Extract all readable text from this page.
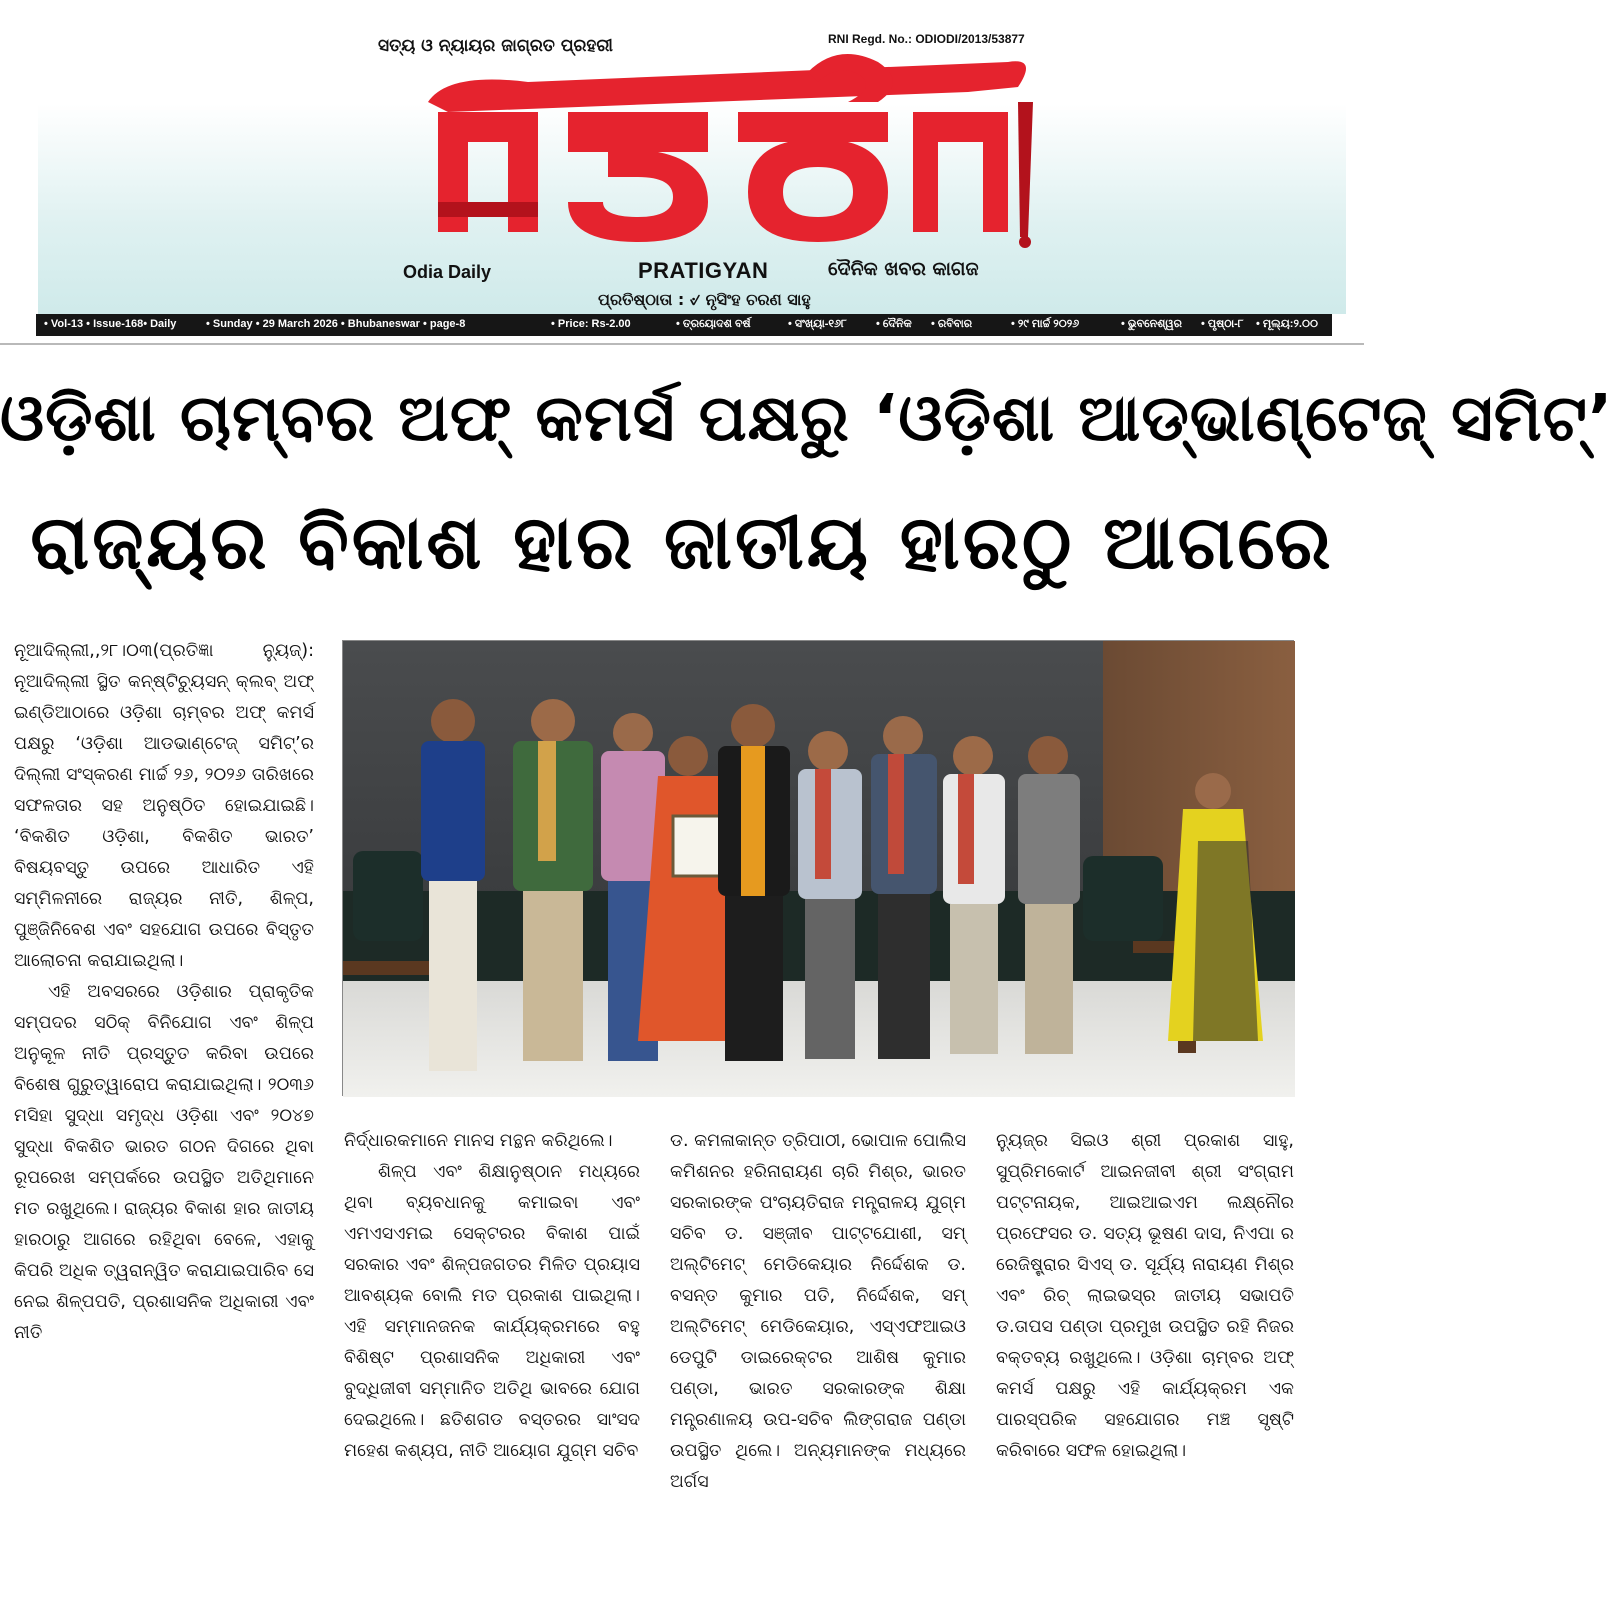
ସତ୍ୟ ଓ ନ୍ୟାୟର ଜାଗ୍ରତ ପ୍ରହରୀ	RNI Regd. No.: ODIODI/2013/53877
Odia Daily	PRATIGYAN	ଦୈନିକ ଖବର କାଗଜ
ପ୍ରତିଷ୍ଠାତା : ୰ ନୃସିଂହ ଚରଣ ସାହୁ
• Vol-13 • Issue-168• Daily	• Sunday • 29 March 2026 • Bhubaneswar • page-8	• Price: Rs-2.00	• ତ୍ରୟୋଦଶ ବର୍ଷ	• ସଂଖ୍ୟା-୧୬୮	• ଦୈନିକ • ରବିବାର	• ୨୯ ମାର୍ଚ୍ଚ ୨୦୨୬	• ଭୁବନେଶ୍ୱର • ପୃଷ୍ଠା-୮ • ମୂଲ୍ୟ:୨.୦୦
ଓଡ଼ିଶା ଚାମ୍ବର ଅଫ୍ କମର୍ସ ପକ୍ଷରୁ ‘ଓଡ଼ିଶା ଆଡ୍‌ଭାଣ୍ଟେଜ୍ ସମିଟ୍’
ରାଜ୍ୟର ବିକାଶ ହାର ଜାତୀୟ ହାରଠୁ ଆଗରେ

ନୂଆଦିଲ୍ଲୀ,,୨୮।୦୩(ପ୍ରତିଜ୍ଞା ନ୍ୟୁଜ୍): ନୂଆଦିଲ୍ଲୀ ସ୍ଥିତ କନ୍‌ଷ୍ଟିଚ୍ୟୁସନ୍ କ୍ଲବ୍ ଅଫ୍ ଇଣ୍ଡିଆଠାରେ ଓଡ଼ିଶା ଚାମ୍ବର ଅଫ୍ କମର୍ସ ପକ୍ଷରୁ ‘ଓଡ଼ିଶା ଆଡଭାଣ୍ଟେଜ୍ ସମିଟ୍’ର ଦିଲ୍ଲୀ ସଂସ୍କରଣ ମାର୍ଚ୍ଚ ୨୬, ୨୦୨୬ ତାରିଖରେ ସଫଳତାର ସହ ଅନୁଷ୍ଠିତ ହୋଇଯାଇଛି। ‘ବିକଶିତ ଓଡ଼ିଶା, ବିକଶିତ ଭାରତ’ ବିଷୟବସ୍ତୁ ଉପରେ ଆଧାରିତ ଏହି ସମ୍ମିଳନୀରେ ରାଜ୍ୟର ନୀତି, ଶିଳ୍ପ, ପୁଞ୍ଜିନିବେଶ ଏବଂ ସହଯୋଗ ଉପରେ ବିସ୍ତୃତ ଆଲୋଚନା କରାଯାଇଥିଲା।

ଏହି ଅବସରରେ ଓଡ଼ିଶାର ପ୍ରାକୃତିକ ସମ୍ପଦର ସଠିକ୍ ବିନିଯୋଗ ଏବଂ ଶିଳ୍ପ ଅନୁକୂଳ ନୀତି ପ୍ରସ୍ତୁତ କରିବା ଉପରେ ବିଶେଷ ଗୁରୁତ୍ୱାରୋପ କରାଯାଇଥିଲା। ୨୦୩୬ ମସିହା ସୁଦ୍ଧା ସମୃଦ୍ଧ ଓଡ଼ିଶା ଏବଂ ୨୦୪୭ ସୁଦ୍ଧା ବିକଶିତ ଭାରତ ଗଠନ ଦିଗରେ ଥିବା ରୂପରେଖ ସମ୍ପର୍କରେ ଉପସ୍ଥିତ ଅତିଥିମାନେ ମତ ରଖୁଥିଲେ। ରାଜ୍ୟର ବିକାଶ ହାର ଜାତୀୟ ହାରଠାରୁ ଆଗରେ ରହିଥିବା ବେଳେ, ଏହାକୁ କିପରି ଅଧିକ ତ୍ୱରାନ୍ୱିତ କରାଯାଇପାରିବ ସେ ନେଇ ଶିଳ୍ପପତି, ପ୍ରଶାସନିକ ଅଧିକାରୀ ଏବଂ ନୀତି

ନିର୍ଦ୍ଧାରକମାନେ ମାନସ ମନ୍ଥନ କରିଥିଲେ।

ଶିଳ୍ପ ଏବଂ ଶିକ୍ଷାନୁଷ୍ଠାନ ମଧ୍ୟରେ ଥିବା ବ୍ୟବଧାନକୁ କମାଇବା ଏବଂ ଏମଏସଏମଇ ସେକ୍ଟରର ବିକାଶ ପାଇଁ ସରକାର ଏବଂ ଶିଳ୍ପଜଗତର ମିଳିତ ପ୍ରୟାସ ଆବଶ୍ୟକ ବୋଲି ମତ ପ୍ରକାଶ ପାଇଥିଲା। ଏହି ସମ୍ମାନଜନକ କାର୍ଯ୍ୟକ୍ରମରେ ବହୁ ବିଶିଷ୍ଟ ପ୍ରଶାସନିକ ଅଧିକାରୀ ଏବଂ ବୁଦ୍ଧିଜୀବୀ ସମ୍ମାନିତ ଅତିଥି ଭାବରେ ଯୋଗ ଦେଇଥିଲେ। ଛତିଶଗଡ ବସ୍ତରର ସାଂସଦ ମହେଶ କଶ୍ୟପ, ନୀତି ଆୟୋଗ ଯୁଗ୍ମ ସଚିବ

ଡ. କମଳାକାନ୍ତ ତ୍ରିପାଠୀ, ଭୋପାଳ ପୋଲିସ କମିଶନର ହରିନାରାୟଣ ଚାରି ମିଶ୍ର, ଭାରତ ସରକାରଙ୍କ ପଂଚାୟତିରାଜ ମନ୍ତ୍ରାଳୟ ଯୁଗ୍ମ ସଚିବ ଡ. ସଞ୍ଜୀବ ପାଟ୍ଟଯୋଶୀ, ସମ୍ ଅଲ୍ଟିମେଟ୍ ମେଡିକେୟାର ନିର୍ଦ୍ଦେଶକ ଡ. ବସନ୍ତ କୁମାର ପତି, ନିର୍ଦ୍ଦେଶକ, ସମ୍ ଅଲ୍ଟିମେଟ୍ ମେଡିକେୟାର, ଏସ୍‌ଏଫଆଇଓ ଡେପୁଟି ଡାଇରେକ୍ଟର ଆଶିଷ କୁମାର ପଣ୍ଡା, ଭାରତ ସରକାରଙ୍କ ଶିକ୍ଷା ମନ୍ତ୍ରଣାଳୟ ଉପ-ସଚିବ ଲିଙ୍ଗରାଜ ପଣ୍ଡା ଉପସ୍ଥିତ ଥିଲେ। ଅନ୍ୟମାନଙ୍କ ମଧ୍ୟରେ ଅର୍ଗସ

ନ୍ୟୁଜ୍‌ର ସିଇଓ ଶ୍ରୀ ପ୍ରକାଶ ସାହୁ, ସୁପ୍ରିମକୋର୍ଟ ଆଇନଜୀବୀ ଶ୍ରୀ ସଂଗ୍ରାମ ପଟ୍ଟନାୟକ, ଆଇଆଇଏମ ଲକ୍ଷ୍ନୌର ପ୍ରଫେସର ଡ. ସତ୍ୟ ଭୂଷଣ ଦାସ, ନିଏପା ର ରେଜିଷ୍ଟ୍ରାର ସିଏସ୍ ଡ. ସୂର୍ଯ୍ୟ ନାରାୟଣ ମିଶ୍ର ଏବଂ ରିଚ୍ ଲାଇଭସ୍‌ର ଜାତୀୟ ସଭାପତି ଡ.ତାପସ ପଣ୍ଡା ପ୍ରମୁଖ ଉପସ୍ଥିତ ରହି ନିଜର ବକ୍ତବ୍ୟ ରଖୁଥିଲେ। ଓଡ଼ିଶା ଚାମ୍ବର ଅଫ୍ କମର୍ସ ପକ୍ଷରୁ ଏହି କାର୍ଯ୍ୟକ୍ରମ ଏକ ପାରସ୍ପରିକ ସହଯୋଗର ମଞ୍ଚ ସୃଷ୍ଟି କରିବାରେ ସଫଳ ହୋଇଥିଲା।
